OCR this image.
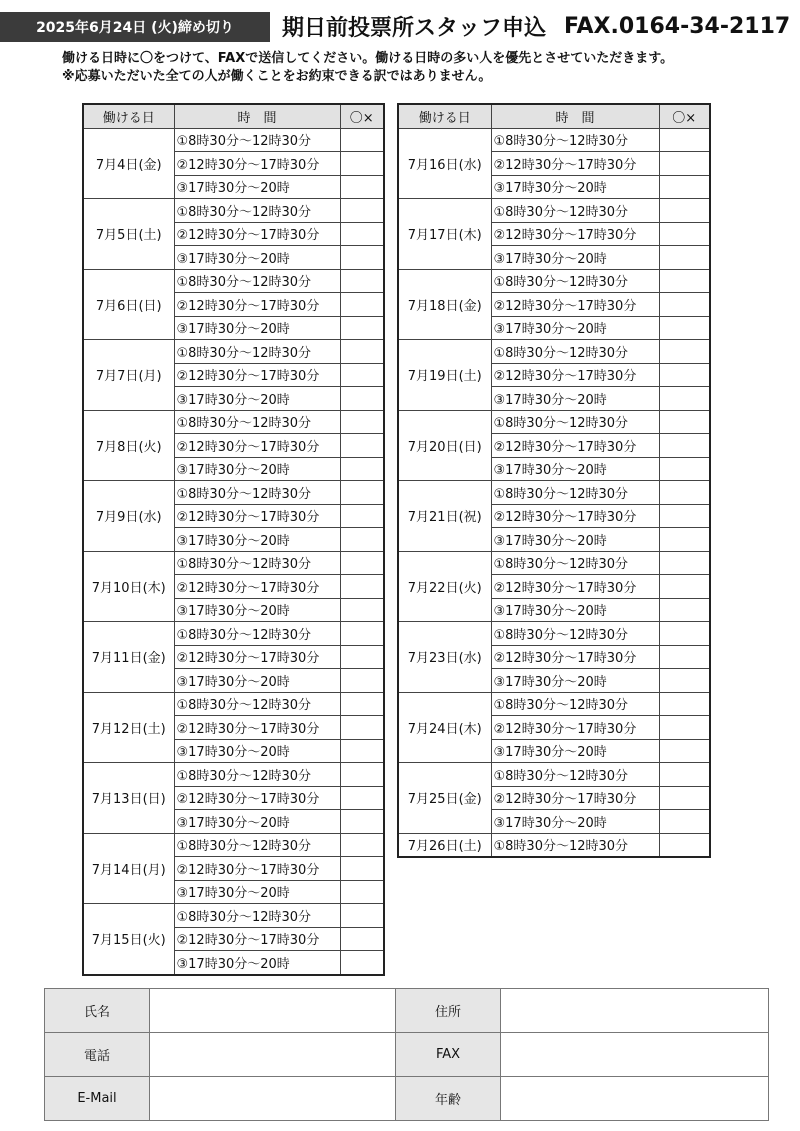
2025年6月24日 (火)締め切り	期日前投票所スタッフ申込 FAX.0164-34-2117
働ける日時に〇をつけて、FAXで送信してください。働ける日時の多い人を優先とさせていただきます。
※応募いただいた全ての人が働くことをお約束できる訳ではありません。
働ける日	時　間	〇×
7月4日(金)	①8時30分～12時30分	
	②12時30分～17時30分	
	③17時30分～20時	
7月5日(土)	①8時30分～12時30分	
	②12時30分～17時30分	
	③17時30分～20時	
7月6日(日)	①8時30分～12時30分	
	②12時30分～17時30分	
	③17時30分～20時	
7月7日(月)	①8時30分～12時30分	
	②12時30分～17時30分	
	③17時30分～20時	
7月8日(火)	①8時30分～12時30分	
	②12時30分～17時30分	
	③17時30分～20時	
7月9日(水)	①8時30分～12時30分	
	②12時30分～17時30分	
	③17時30分～20時	
7月10日(木)	①8時30分～12時30分	
	②12時30分～17時30分	
	③17時30分～20時	
7月11日(金)	①8時30分～12時30分	
	②12時30分～17時30分	
	③17時30分～20時	
7月12日(土)	①8時30分～12時30分	
	②12時30分～17時30分	
	③17時30分～20時	
7月13日(日)	①8時30分～12時30分	
	②12時30分～17時30分	
	③17時30分～20時	
7月14日(月)	①8時30分～12時30分	
	②12時30分～17時30分	
	③17時30分～20時	
7月15日(火)	①8時30分～12時30分	
	②12時30分～17時30分	
	③17時30分～20時	
働ける日	時　間	〇×
7月16日(水)	①8時30分～12時30分	
	②12時30分～17時30分	
	③17時30分～20時	
7月17日(木)	①8時30分～12時30分	
	②12時30分～17時30分	
	③17時30分～20時	
7月18日(金)	①8時30分～12時30分	
	②12時30分～17時30分	
	③17時30分～20時	
7月19日(土)	①8時30分～12時30分	
	②12時30分～17時30分	
	③17時30分～20時	
7月20日(日)	①8時30分～12時30分	
	②12時30分～17時30分	
	③17時30分～20時	
7月21日(祝)	①8時30分～12時30分	
	②12時30分～17時30分	
	③17時30分～20時	
7月22日(火)	①8時30分～12時30分	
	②12時30分～17時30分	
	③17時30分～20時	
7月23日(水)	①8時30分～12時30分	
	②12時30分～17時30分	
	③17時30分～20時	
7月24日(木)	①8時30分～12時30分	
	②12時30分～17時30分	
	③17時30分～20時	
7月25日(金)	①8時30分～12時30分	
	②12時30分～17時30分	
	③17時30分～20時	
7月26日(土)	①8時30分～12時30分	
氏名		住所	
電話		FAX	
E-Mail		年齢	
